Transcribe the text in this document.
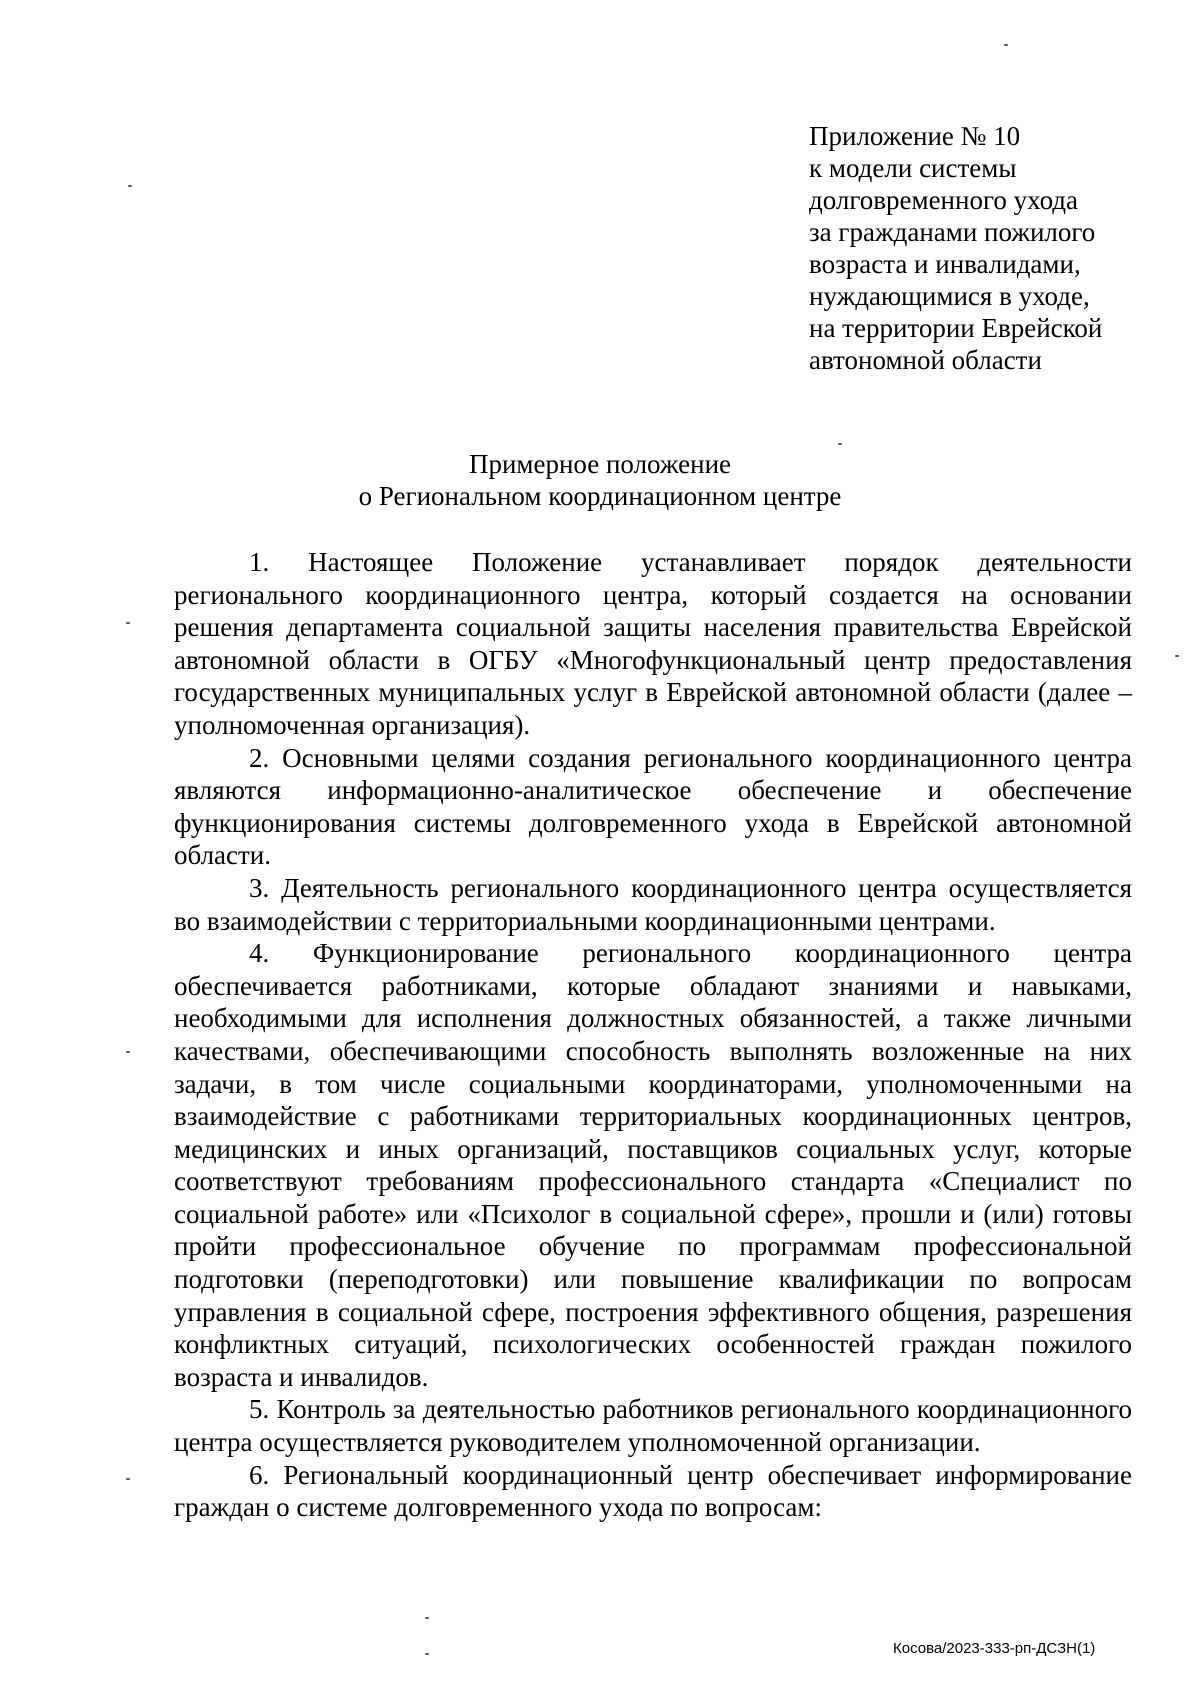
Приложение № 10
к модели системы
долговременного ухода
за гражданами пожилого
возраста и инвалидами,
нуждающимися в уходе,
на территории Еврейской
автономной области
Примерное положение
о Региональном координационном центре

1. Настоящее Положение устанавливает порядок деятельности регионального координационного центра, который создается на основании решения департамента социальной защиты населения правительства Еврейской автономной области в ОГБУ «Многофункциональный центр предоставления государственных муниципальных услуг в Еврейской автономной области (далее – уполномоченная организация).

2. Основными целями создания регионального координационного центра являются информационно-аналитическое обеспечение и обеспечение функционирования системы долговременного ухода в Еврейской автономной области.

3. Деятельность регионального координационного центра осуществляется во взаимодействии с территориальными координационными центрами.

4. Функционирование регионального координационного центра обеспечивается работниками, которые обладают знаниями и навыками, необходимыми для исполнения должностных обязанностей, а также личными качествами, обеспечивающими способность выполнять возложенные на них задачи, в том числе социальными координаторами, уполномоченными на взаимодействие с работниками территориальных координационных центров, медицинских и иных организаций, поставщиков социальных услуг, которые соответствуют требованиям профессионального стандарта «Специалист по социальной работе» или «Психолог в социальной сфере», прошли и (или) готовы пройти профессиональное обучение по программам профессиональной подготовки (переподготовки) или повышение квалификации по вопросам управления в социальной сфере, построения эффективного общения, разрешения конфликтных ситуаций, психологических особенностей граждан пожилого возраста и инвалидов.

5. Контроль за деятельностью работников регионального координационного центра осуществляется руководителем уполномоченной организации.

6. Региональный координационный центр обеспечивает информирование граждан о системе долговременного ухода по вопросам:

Косова/2023-333-рп-ДСЗН(1)
